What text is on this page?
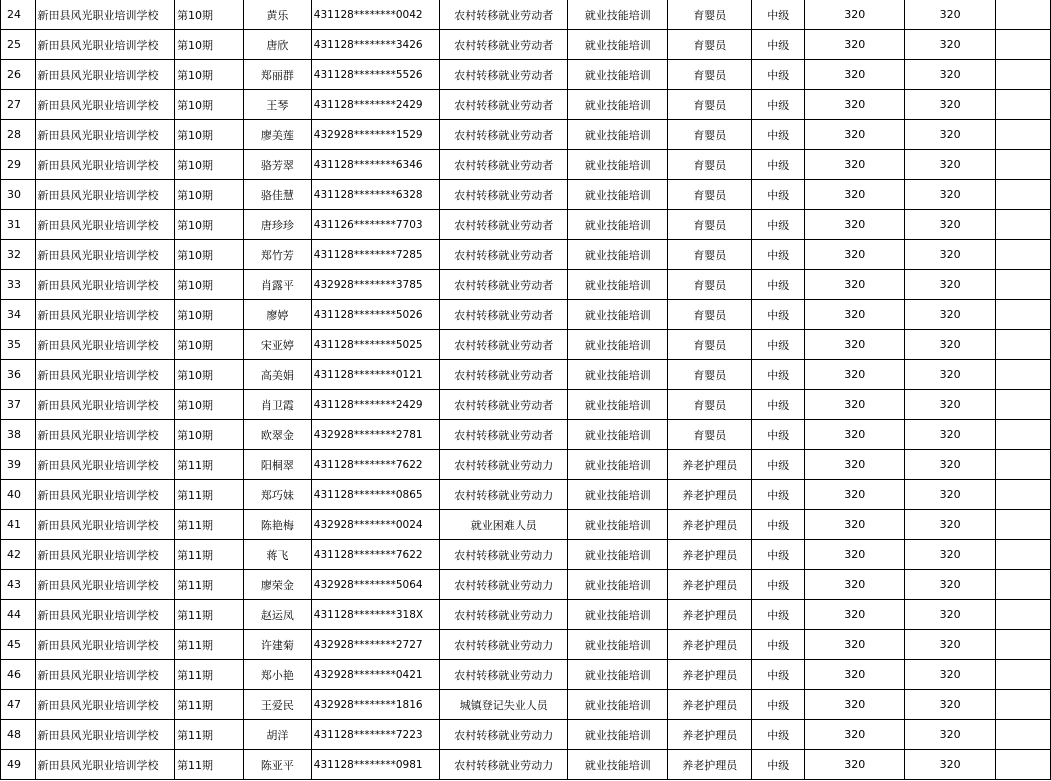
24	新田县风光职业培训学校	第10期	黄乐	431128********0042	农村转移就业劳动者	就业技能培训	育婴员	中级	320	320	
25	新田县风光职业培训学校	第10期	唐欣	431128********3426	农村转移就业劳动者	就业技能培训	育婴员	中级	320	320	
26	新田县风光职业培训学校	第10期	郑丽群	431128********5526	农村转移就业劳动者	就业技能培训	育婴员	中级	320	320	
27	新田县风光职业培训学校	第10期	王琴	431128********2429	农村转移就业劳动者	就业技能培训	育婴员	中级	320	320	
28	新田县风光职业培训学校	第10期	廖美莲	432928********1529	农村转移就业劳动者	就业技能培训	育婴员	中级	320	320	
29	新田县风光职业培训学校	第10期	骆芳翠	431128********6346	农村转移就业劳动者	就业技能培训	育婴员	中级	320	320	
30	新田县风光职业培训学校	第10期	骆佳慧	431128********6328	农村转移就业劳动者	就业技能培训	育婴员	中级	320	320	
31	新田县风光职业培训学校	第10期	唐珍珍	431126********7703	农村转移就业劳动者	就业技能培训	育婴员	中级	320	320	
32	新田县风光职业培训学校	第10期	郑竹芳	431128********7285	农村转移就业劳动者	就业技能培训	育婴员	中级	320	320	
33	新田县风光职业培训学校	第10期	肖露平	432928********3785	农村转移就业劳动者	就业技能培训	育婴员	中级	320	320	
34	新田县风光职业培训学校	第10期	廖婷	431128********5026	农村转移就业劳动者	就业技能培训	育婴员	中级	320	320	
35	新田县风光职业培训学校	第10期	宋亚婷	431128********5025	农村转移就业劳动者	就业技能培训	育婴员	中级	320	320	
36	新田县风光职业培训学校	第10期	高美娟	431128********0121	农村转移就业劳动者	就业技能培训	育婴员	中级	320	320	
37	新田县风光职业培训学校	第10期	肖卫霞	431128********2429	农村转移就业劳动者	就业技能培训	育婴员	中级	320	320	
38	新田县风光职业培训学校	第10期	欧翠金	432928********2781	农村转移就业劳动者	就业技能培训	育婴员	中级	320	320	
39	新田县风光职业培训学校	第11期	阳桐翠	431128********7622	农村转移就业劳动力	就业技能培训	养老护理员	中级	320	320	
40	新田县风光职业培训学校	第11期	郑巧妹	431128********0865	农村转移就业劳动力	就业技能培训	养老护理员	中级	320	320	
41	新田县风光职业培训学校	第11期	陈艳梅	432928********0024	就业困难人员	就业技能培训	养老护理员	中级	320	320	
42	新田县风光职业培训学校	第11期	蒋飞	431128********7622	农村转移就业劳动力	就业技能培训	养老护理员	中级	320	320	
43	新田县风光职业培训学校	第11期	廖荣金	432928********5064	农村转移就业劳动力	就业技能培训	养老护理员	中级	320	320	
44	新田县风光职业培训学校	第11期	赵运凤	431128********318X	农村转移就业劳动力	就业技能培训	养老护理员	中级	320	320	
45	新田县风光职业培训学校	第11期	许建菊	432928********2727	农村转移就业劳动力	就业技能培训	养老护理员	中级	320	320	
46	新田县风光职业培训学校	第11期	郑小艳	432928********0421	农村转移就业劳动力	就业技能培训	养老护理员	中级	320	320	
47	新田县风光职业培训学校	第11期	王爱民	432928********1816	城镇登记失业人员	就业技能培训	养老护理员	中级	320	320	
48	新田县风光职业培训学校	第11期	胡洋	431128********7223	农村转移就业劳动力	就业技能培训	养老护理员	中级	320	320	
49	新田县风光职业培训学校	第11期	陈亚平	431128********0981	农村转移就业劳动力	就业技能培训	养老护理员	中级	320	320	
